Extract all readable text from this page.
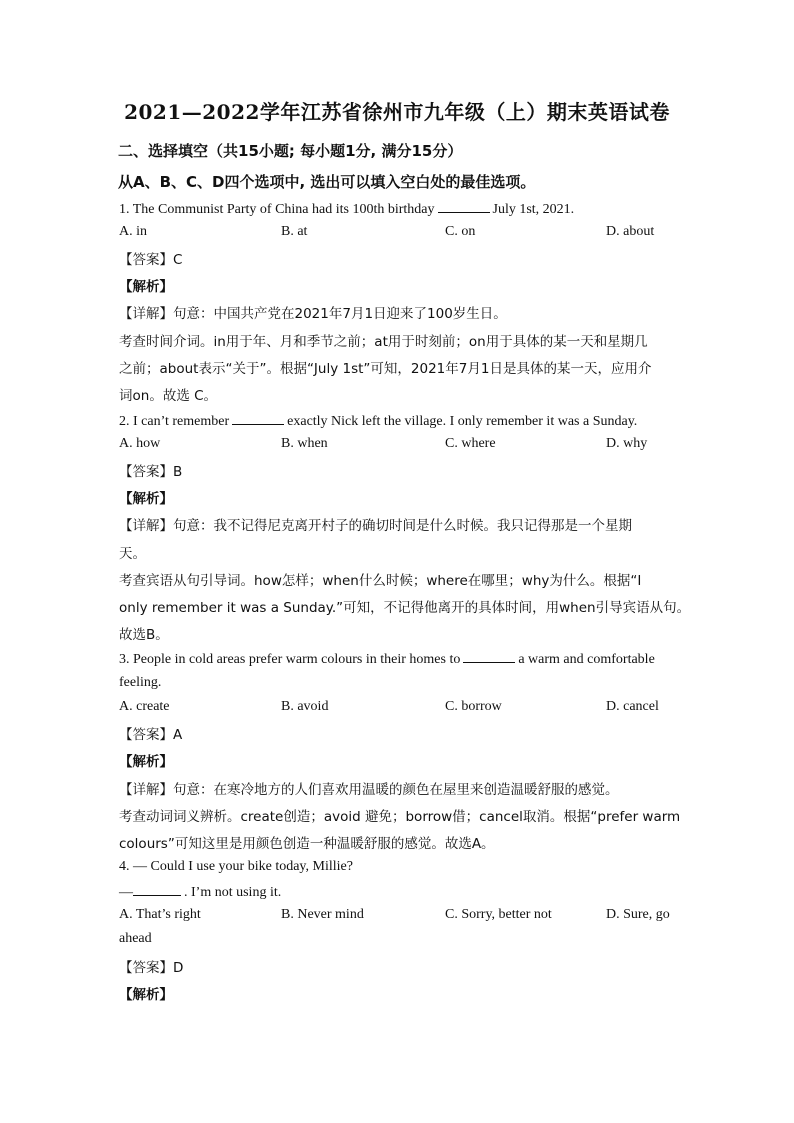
2021—2022学年江苏省徐州市九年级（上）期末英语试卷
二、选择填空（共15小题; 每小题1分, 满分15分）
从A、B、C、D四个选项中, 选出可以填入空白处的最佳选项。
1. The Communist Party of China had its 100th birthday	July 1st, 2021.
A. in	B. at	C. on	D. about
【答案】C
【解析】
【详解】句意：中国共产党在2021年7月1日迎来了100岁生日。
考查时间介词。in用于年、月和季节之前；at用于时刻前；on用于具体的某一天和星期几
之前；about表示“关于”。根据“July 1st”可知，2021年7月1日是具体的某一天，应用介
词on。故选 C。
2. I can’t remember	exactly Nick left the village. I only remember it was a Sunday.
A. how	B. when	C. where	D. why
【答案】B
【解析】
【详解】句意：我不记得尼克离开村子的确切时间是什么时候。我只记得那是一个星期
天。
考查宾语从句引导词。how怎样；when什么时候；where在哪里；why为什么。根据“I
only remember it was a Sunday.”可知，不记得他离开的具体时间，用when引导宾语从句。
故选B。
3. People in cold areas prefer warm colours in their homes to	a warm and comfortable
feeling.
A. create	B. avoid	C. borrow	D. cancel
【答案】A
【解析】
【详解】句意：在寒冷地方的人们喜欢用温暖的颜色在屋里来创造温暖舒服的感觉。
考查动词词义辨析。create创造；avoid 避免；borrow借；cancel取消。根据“prefer warm
colours”可知这里是用颜色创造一种温暖舒服的感觉。故选A。
4. — Could I use your bike today, Millie?
—	. I’m not using it.
A. That’s right	B. Never mind	C. Sorry, better not	D. Sure, go
ahead
【答案】D
【解析】
